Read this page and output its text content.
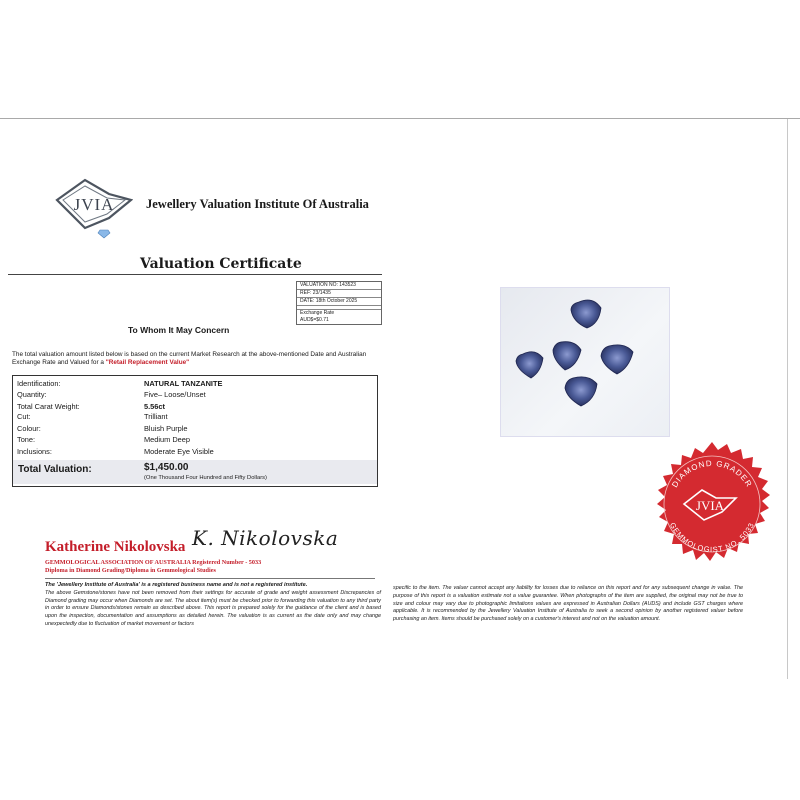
JVIA	Jewellery Valuation Institute Of Australia
Valuation Certificate
VALUATION NO: 143523
REF: 23/1435
DATE: 18th October 2025
Exchange Rate
AUD$=$0.71
To Whom It May Concern
The total valuation amount listed below is based on the current Market Research at the above-mentioned Date and Australian Exchange Rate and Valued for a "Retail Replacement Value"
Identification:	NATURAL TANZANITE
Quantity:	Five– Loose/Unset
Total Carat Weight:	5.56ct
Cut:	Trilliant
Colour:	Bluish Purple
Tone:	Medium Deep
Inclusions:	Moderate Eye Visible
Total Valuation:	$1,450.00
(One Thousand Four Hundred and Fifty Dollars)
DIAMOND GRADER
GEMMOLOGIST NO. 5033
JVIA
Katherine Nikolovska K. Nikolovska
GEMMOLOGICAL ASSOCIATION OF AUSTRALIA Registered Number - 5033
Diploma in Diamond Grading/Diploma in Gemmological Studies
The 'Jewellery Institute of Australia' is a registered business name and is not a registered institute.
The above Gemstone/stones have not been removed from their settings for accurate of grade and weight assessment Discrepancies of Diamond grading may occur when Diamonds are set. The about item(s) must be checked prior to forwarding this valuation to any third party in order to ensure Diamonds/stones remain as described above. This report is prepared solely for the guidance of the client and is based upon the inspection, documentation and assumptions as detailed herein. The valuation is as current as the date only and may change unexpectedly due to fluctuation of market movement or factors
specific to the item. The valuer cannot accept any liability for losses due to reliance on this report and for any subsequent change in value. The purpose of this report is a valuation estimate not a value guarantee. When photographs of the item are supplied, the original may not be true to size and colour may vary due to photographic limitations values are expressed in Australian Dollars (AUDS) and include GST charges where applicable. It is recommended by the Jewellery Valuation Institute of Australia to seek a second opinion by another registered valuer before purchasing an item. Items should be purchased solely on a customer's interest and not on the valuation amount.
